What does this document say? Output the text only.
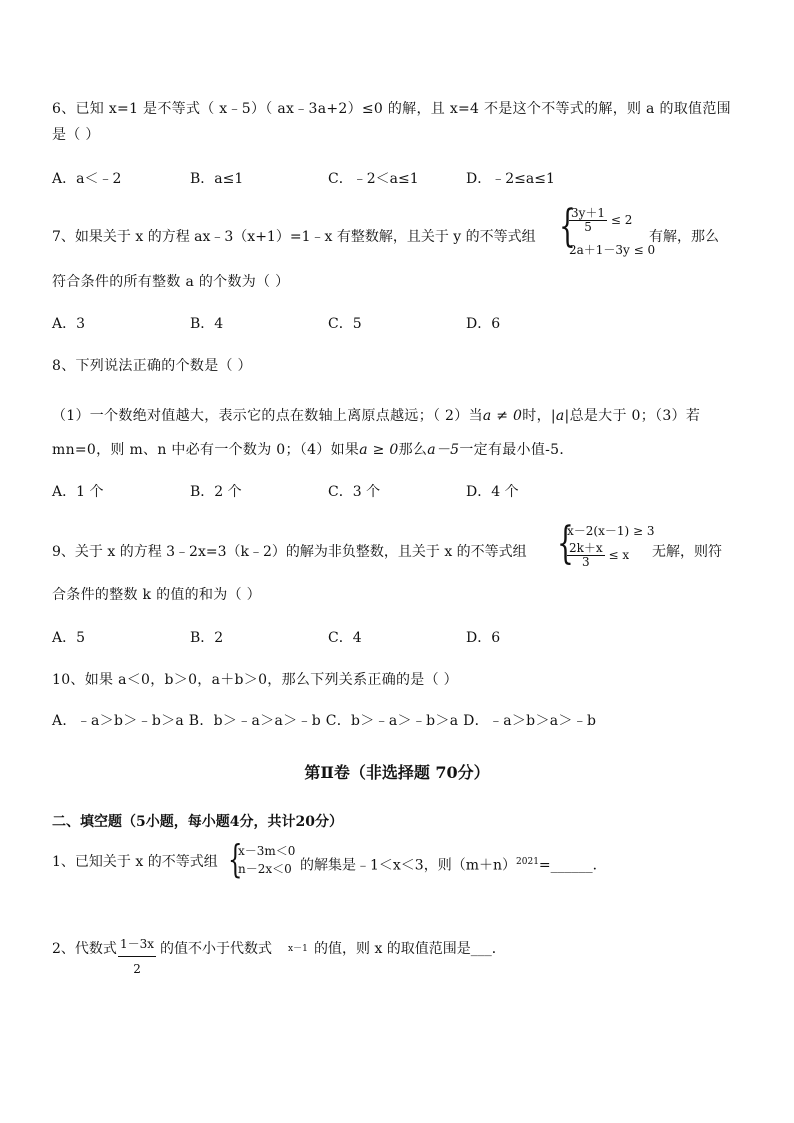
6、已知 x=1 是不等式（ x﹣5）（ ax﹣3a+2）≤0 的解，且 x=4 不是这个不等式的解，则 a 的取值范围
是（ ）
A．a＜﹣2	B．a≤1	C．﹣2＜a≤1	D．﹣2≤a≤1
7、如果关于 x 的方程 ax﹣3（x+1）=1﹣x 有整数解，且关于 y 的不等式组 {
$\frac{3y+1}{5} \le 2$
2a＋1－3y ≤ 0
有解，那么
符合条件的所有整数 a 的个数为（ ）
A．3	B．4	C．5	D．6
8、下列说法正确的个数是（ ）
（1）一个数绝对值越大，表示它的点在数轴上离原点越远；（ 2）当a ≠ 0时，|a|总是大于 0；（3）若
mn=0，则 m、n 中必有一个数为 0；（4）如果a ≥ 0那么a－5一定有最小值-5．
A．1 个	B．2 个	C．3 个	D．4 个
9、关于 x 的方程 3﹣2x=3（k﹣2）的解为非负整数，且关于 x 的不等式组 {
x－2(x－1) ≥ 3
$\frac{2k+x}{3} \le x$ 无解，则符
合条件的整数 k 的值的和为（ ）
A．5	B．2	C．4	D．6
10、如果 a＜0，b＞0，a＋b＞0，那么下列关系正确的是（ ）
A．﹣a＞b＞﹣b＞a B．b＞﹣a＞a＞﹣b C．b＞﹣a＞﹣b＞a D．﹣a＞b＞a＞﹣b
第Ⅱ卷（非选择题 70分）
二、填空题（5小题，每小题4分，共计20分）
1、已知关于 x 的不等式组 {
x－3m＜0
n－2x＜0 的解集是﹣1＜x＜3，则$(m+n)^{2021}=\_\_\_\_\_\_$．
2、代数式 $\frac{1-3x}{2}$ 的值不小于代数式 x－1 的值，则 x 的取值范围是___．
